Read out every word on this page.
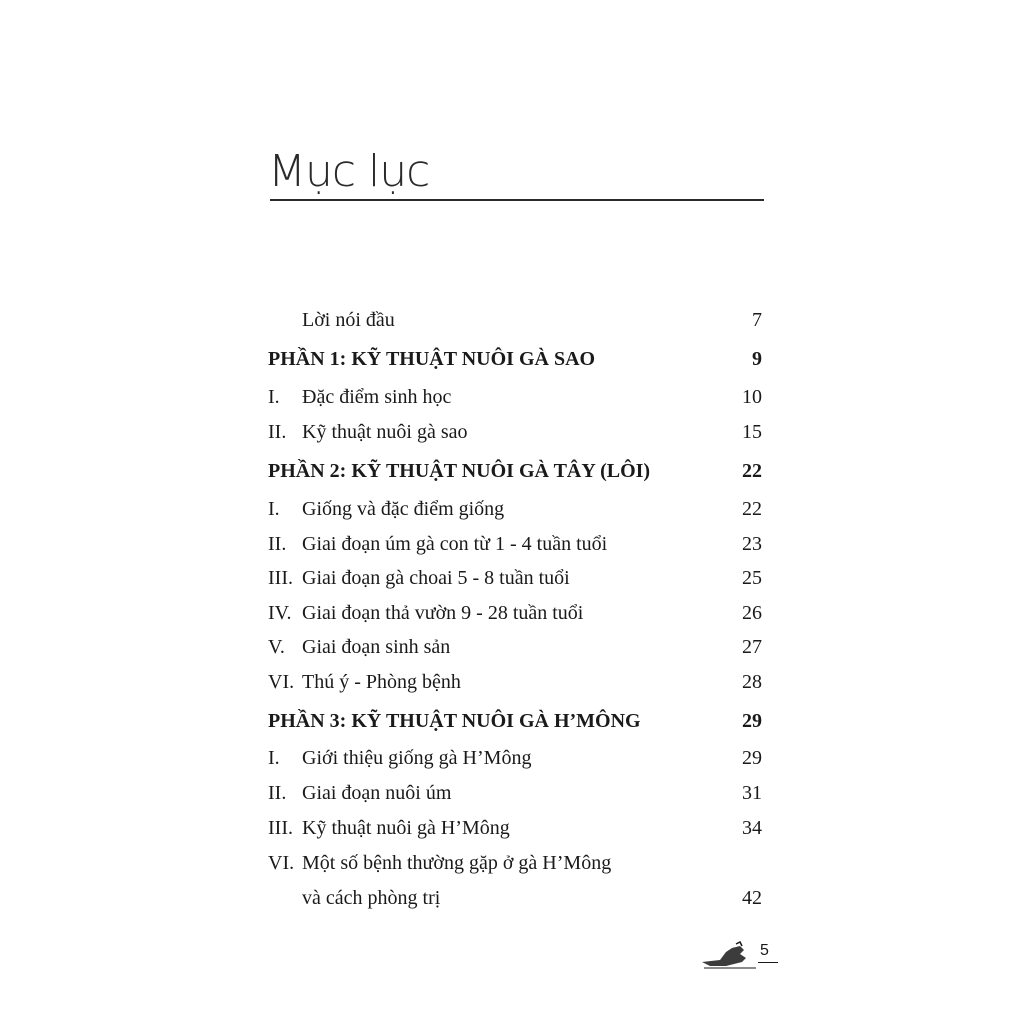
Mục lục
Lời nói đầu	7
PHẦN 1: KỸ THUẬT NUÔI GÀ SAO	9
I.	Đặc điểm sinh học	10
II. Kỹ thuật nuôi gà sao	15
PHẦN 2: KỸ THUẬT NUÔI GÀ TÂY (LÔI)	22
I.	Giống và đặc điểm giống	22
II. Giai đoạn úm gà con từ 1 - 4 tuần tuổi	23
III. Giai đoạn gà choai 5 - 8 tuần tuổi	25
IV. Giai đoạn thả vườn 9 - 28 tuần tuổi	26
V. Giai đoạn sinh sản	27
VI. Thú ý - Phòng bệnh	28
PHẦN 3: KỸ THUẬT NUÔI GÀ H’MÔNG	29
I.	Giới thiệu giống gà H’Mông	29
II. Giai đoạn nuôi úm	31
III. Kỹ thuật nuôi gà H’Mông	34
VI. Một số bệnh thường gặp ở gà H’Mông
và cách phòng trị	42
5
